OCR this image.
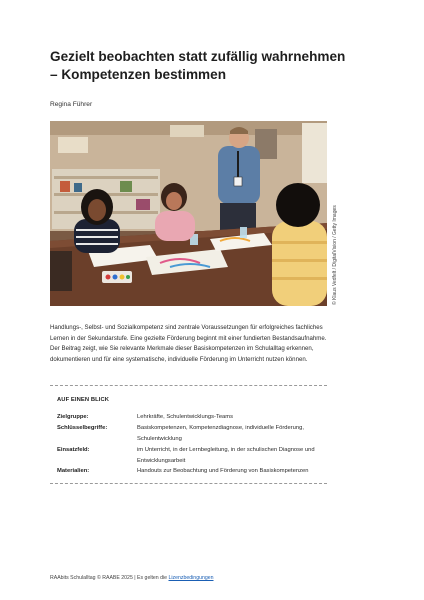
Gezielt beobachten statt zufällig wahrnehmen – Kompetenzen bestimmen
Regina Führer
© Klaus Vedfelt / DigitalVision / Getty Images
Handlungs-, Selbst- und Sozialkompetenz sind zentrale Voraussetzungen für erfolgreiches fachliches Lernen in der Sekundarstufe. Eine gezielte Förderung beginnt mit einer fundierten Bestandsaufnahme. Der Beitrag zeigt, wie Sie relevante Merkmale dieser Basiskompetenzen im Schulalltag erkennen, dokumentieren und für eine systematische, individuelle Förderung im Unterricht nutzen können.
AUF EINEN BLICK
Zielgruppe:	Lehrkräfte, Schulentwicklungs-Teams
Schlüsselbegriffe:	Basiskompetenzen, Kompetenzdiagnose, individuelle Förderung, Schulentwicklung
Einsatzfeld:	im Unterricht, in der Lernbegleitung, in der schulischen Diagnose und Entwicklungsarbeit
Materialien:	Handouts zur Beobachtung und Förderung von Basiskompetenzen
RAAbits Schulalltag © RAABE 2025 | Es gelten die Lizenzbedingungen
